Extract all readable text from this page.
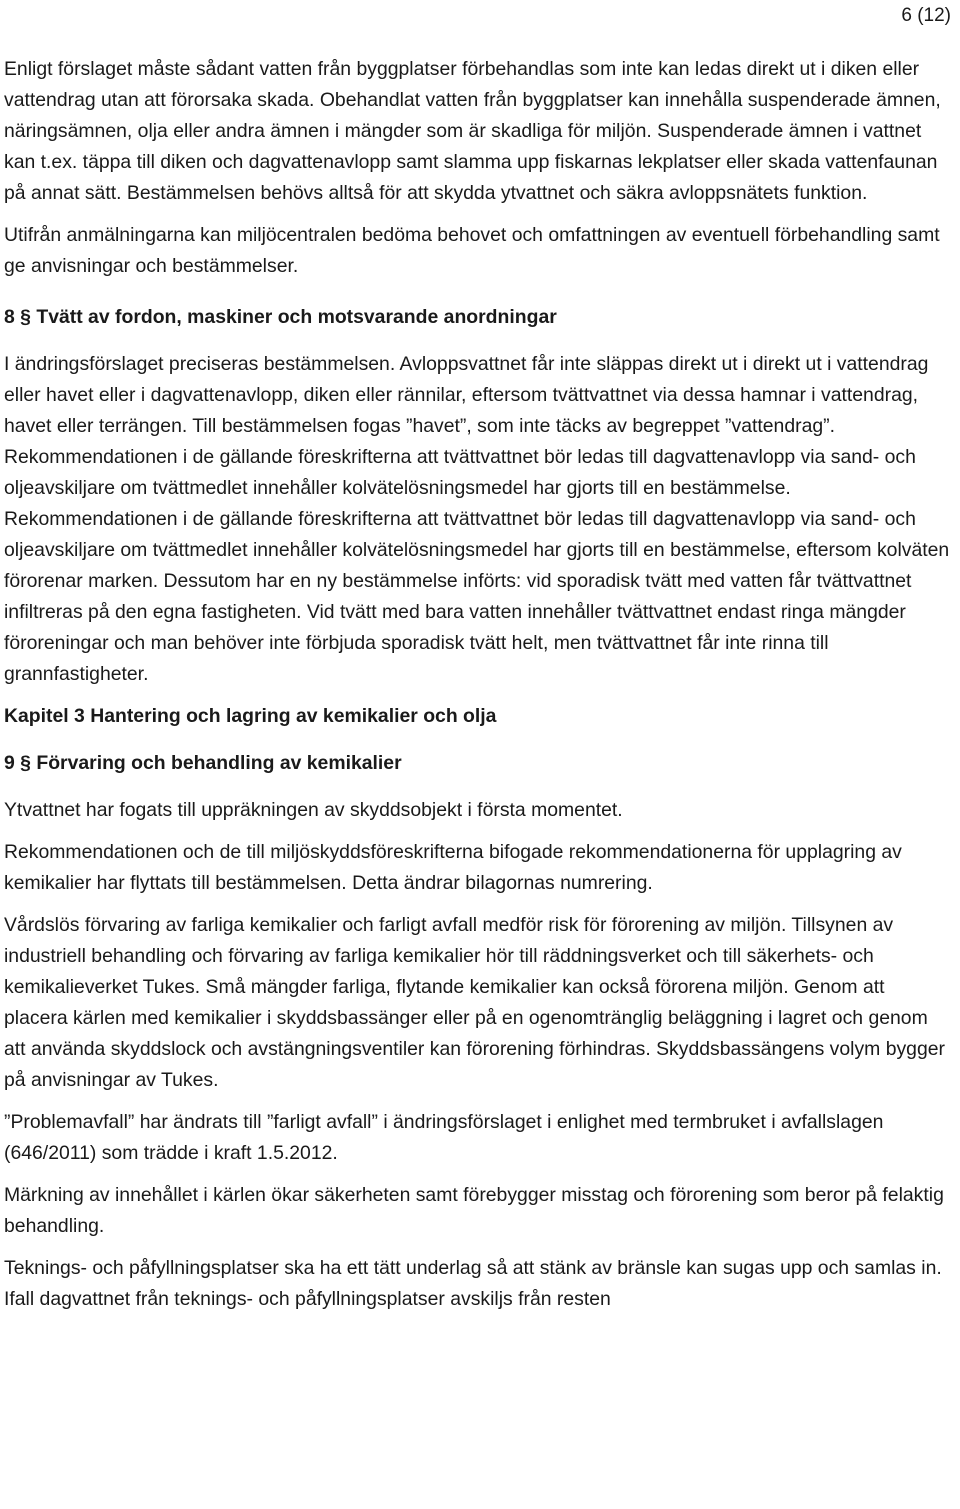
6 (12)

Enligt förslaget måste sådant vatten från byggplatser förbehandlas som inte kan ledas direkt ut i diken eller vattendrag utan att förorsaka skada. Obehandlat vatten från byggplatser kan innehålla suspenderade ämnen, näringsämnen, olja eller andra ämnen i mängder som är skadliga för miljön. Suspenderade ämnen i vattnet kan t.ex. täppa till diken och dagvattenavlopp samt slamma upp fiskarnas lekplatser eller skada vattenfaunan på annat sätt. Bestämmelsen behövs alltså för att skydda ytvattnet och säkra avloppsnätets funktion.

Utifrån anmälningarna kan miljöcentralen bedöma behovet och omfattningen av eventuell förbehandling samt ge anvisningar och bestämmelser.

8 § Tvätt av fordon, maskiner och motsvarande anordningar

I ändringsförslaget preciseras bestämmelsen. Avloppsvattnet får inte släppas direkt ut i direkt ut i vattendrag eller havet eller i dagvattenavlopp, diken eller rännilar, eftersom tvättvattnet via dessa hamnar i vattendrag, havet eller terrängen. Till bestämmelsen fogas ”havet”, som inte täcks av begreppet ”vattendrag”. Rekommendationen i de gällande föreskrifterna att tvättvattnet bör ledas till dagvattenavlopp via sand- och oljeavskiljare om tvättmedlet innehåller kolvätelösningsmedel har gjorts till en bestämmelse. Rekommendationen i de gällande föreskrifterna att tvättvattnet bör ledas till dagvattenavlopp via sand- och oljeavskiljare om tvättmedlet innehåller kolvätelösningsmedel har gjorts till en bestämmelse, eftersom kolväten förorenar marken. Dessutom har en ny bestämmelse införts: vid sporadisk tvätt med vatten får tvättvattnet infiltreras på den egna fastigheten. Vid tvätt med bara vatten innehåller tvättvattnet endast ringa mängder föroreningar och man behöver inte förbjuda sporadisk tvätt helt, men tvättvattnet får inte rinna till grannfastigheter.

Kapitel 3 Hantering och lagring av kemikalier och olja
9 § Förvaring och behandling av kemikalier

Ytvattnet har fogats till uppräkningen av skyddsobjekt i första momentet.

Rekommendationen och de till miljöskyddsföreskrifterna bifogade rekommendationerna för upplagring av kemikalier har flyttats till bestämmelsen. Detta ändrar bilagornas numrering.

Vårdslös förvaring av farliga kemikalier och farligt avfall medför risk för förorening av miljön. Tillsynen av industriell behandling och förvaring av farliga kemikalier hör till räddningsverket och till säkerhets- och kemikalieverket Tukes. Små mängder farliga, flytande kemikalier kan också förorena miljön. Genom att placera kärlen med kemikalier i skyddsbassänger eller på en ogenomtränglig beläggning i lagret och genom att använda skyddslock och avstängningsventiler kan förorening förhindras. Skyddsbassängens volym bygger på anvisningar av Tukes.

”Problemavfall” har ändrats till ”farligt avfall” i ändringsförslaget i enlighet med termbruket i avfallslagen (646/2011) som trädde i kraft 1.5.2012.

Märkning av innehållet i kärlen ökar säkerheten samt förebygger misstag och förorening som beror på felaktig behandling.

Teknings- och påfyllningsplatser ska ha ett tätt underlag så att stänk av bränsle kan sugas upp och samlas in. Ifall dagvattnet från teknings- och påfyllningsplatser avskiljs från resten
